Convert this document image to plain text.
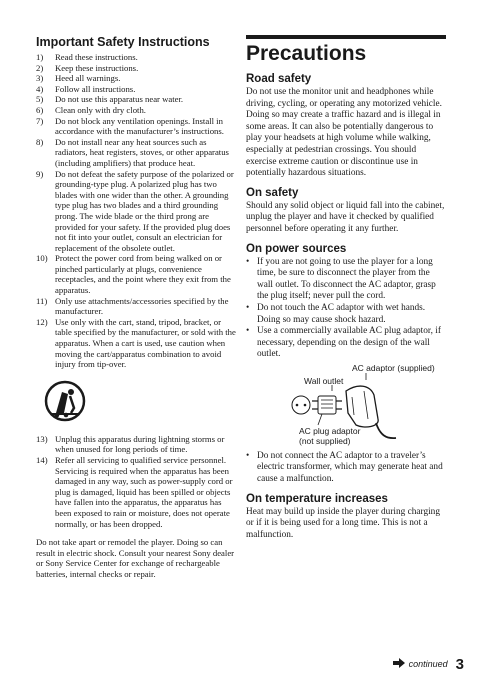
Important Safety Instructions
1)	Read these instructions.
2)	Keep these instructions.
3)	Heed all warnings.
4)	Follow all instructions.
5)	Do not use this apparatus near water.
6)	Clean only with dry cloth.
7)	Do not block any ventilation openings. Install in accordance with the manufacturer’s instructions.
8)	Do not install near any heat sources such as radiators, heat registers, stoves, or other apparatus (including amplifiers) that produce heat.
9)	Do not defeat the safety purpose of the polarized or grounding-type plug. A polarized plug has two blades with one wider than the other. A grounding type plug has two blades and a third grounding prong. The wide blade or the third prong are provided for your safety. If the provided plug does not fit into your outlet, consult an electrician for replacement of the obsolete outlet.
10) Protect the power cord from being walked on or pinched particularly at plugs, convenience receptacles, and the point where they exit from the apparatus.
11) Only use attachments/accessories specified by the manufacturer.
12) Use only with the cart, stand, tripod, bracket, or table specified by the manufacturer, or sold with the apparatus. When a cart is used, use caution when moving the cart/apparatus combination to avoid injury from tip-over.
13) Unplug this apparatus during lightning storms or when unused for long periods of time.
14) Refer all servicing to qualified service personnel. Servicing is required when the apparatus has been damaged in any way, such as power-supply cord or plug is damaged, liquid has been spilled or objects have fallen into the apparatus, the apparatus has been exposed to rain or moisture, does not operate normally, or has been dropped.

Do not take apart or remodel the player. Doing so can result in electric shock. Consult your nearest Sony dealer or Sony Service Center for exchange of rechargeable batteries, internal checks or repair.

Precautions
Road safety

Do not use the monitor unit and headphones while driving, cycling, or operating any motorized vehicle. Doing so may create a traffic hazard and is illegal in some areas. It can also be potentially dangerous to play your headsets at high volume while walking, especially at pedestrian crossings. You should exercise extreme caution or discontinue use in potentially hazardous situations.

On safety

Should any solid object or liquid fall into the cabinet, unplug the player and have it checked by qualified personnel before operating it any further.

On power sources
• If you are not going to use the player for a long time, be sure to disconnect the player from the wall outlet. To disconnect the AC adaptor, grasp the plug itself; never pull the cord.
• Do not touch the AC adaptor with wet hands. Doing so may cause shock hazard.
• Use a commercially available AC plug adaptor, if necessary, depending on the design of the wall outlet.
Wall outlet
AC adaptor (supplied)
AC plug adaptor
(not supplied)
• Do not connect the AC adaptor to a traveler’s electric transformer, which may generate heat and cause a malfunction.
On temperature increases

Heat may build up inside the player during charging or if it is being used for a long time. This is not a malfunction.

continued 3
